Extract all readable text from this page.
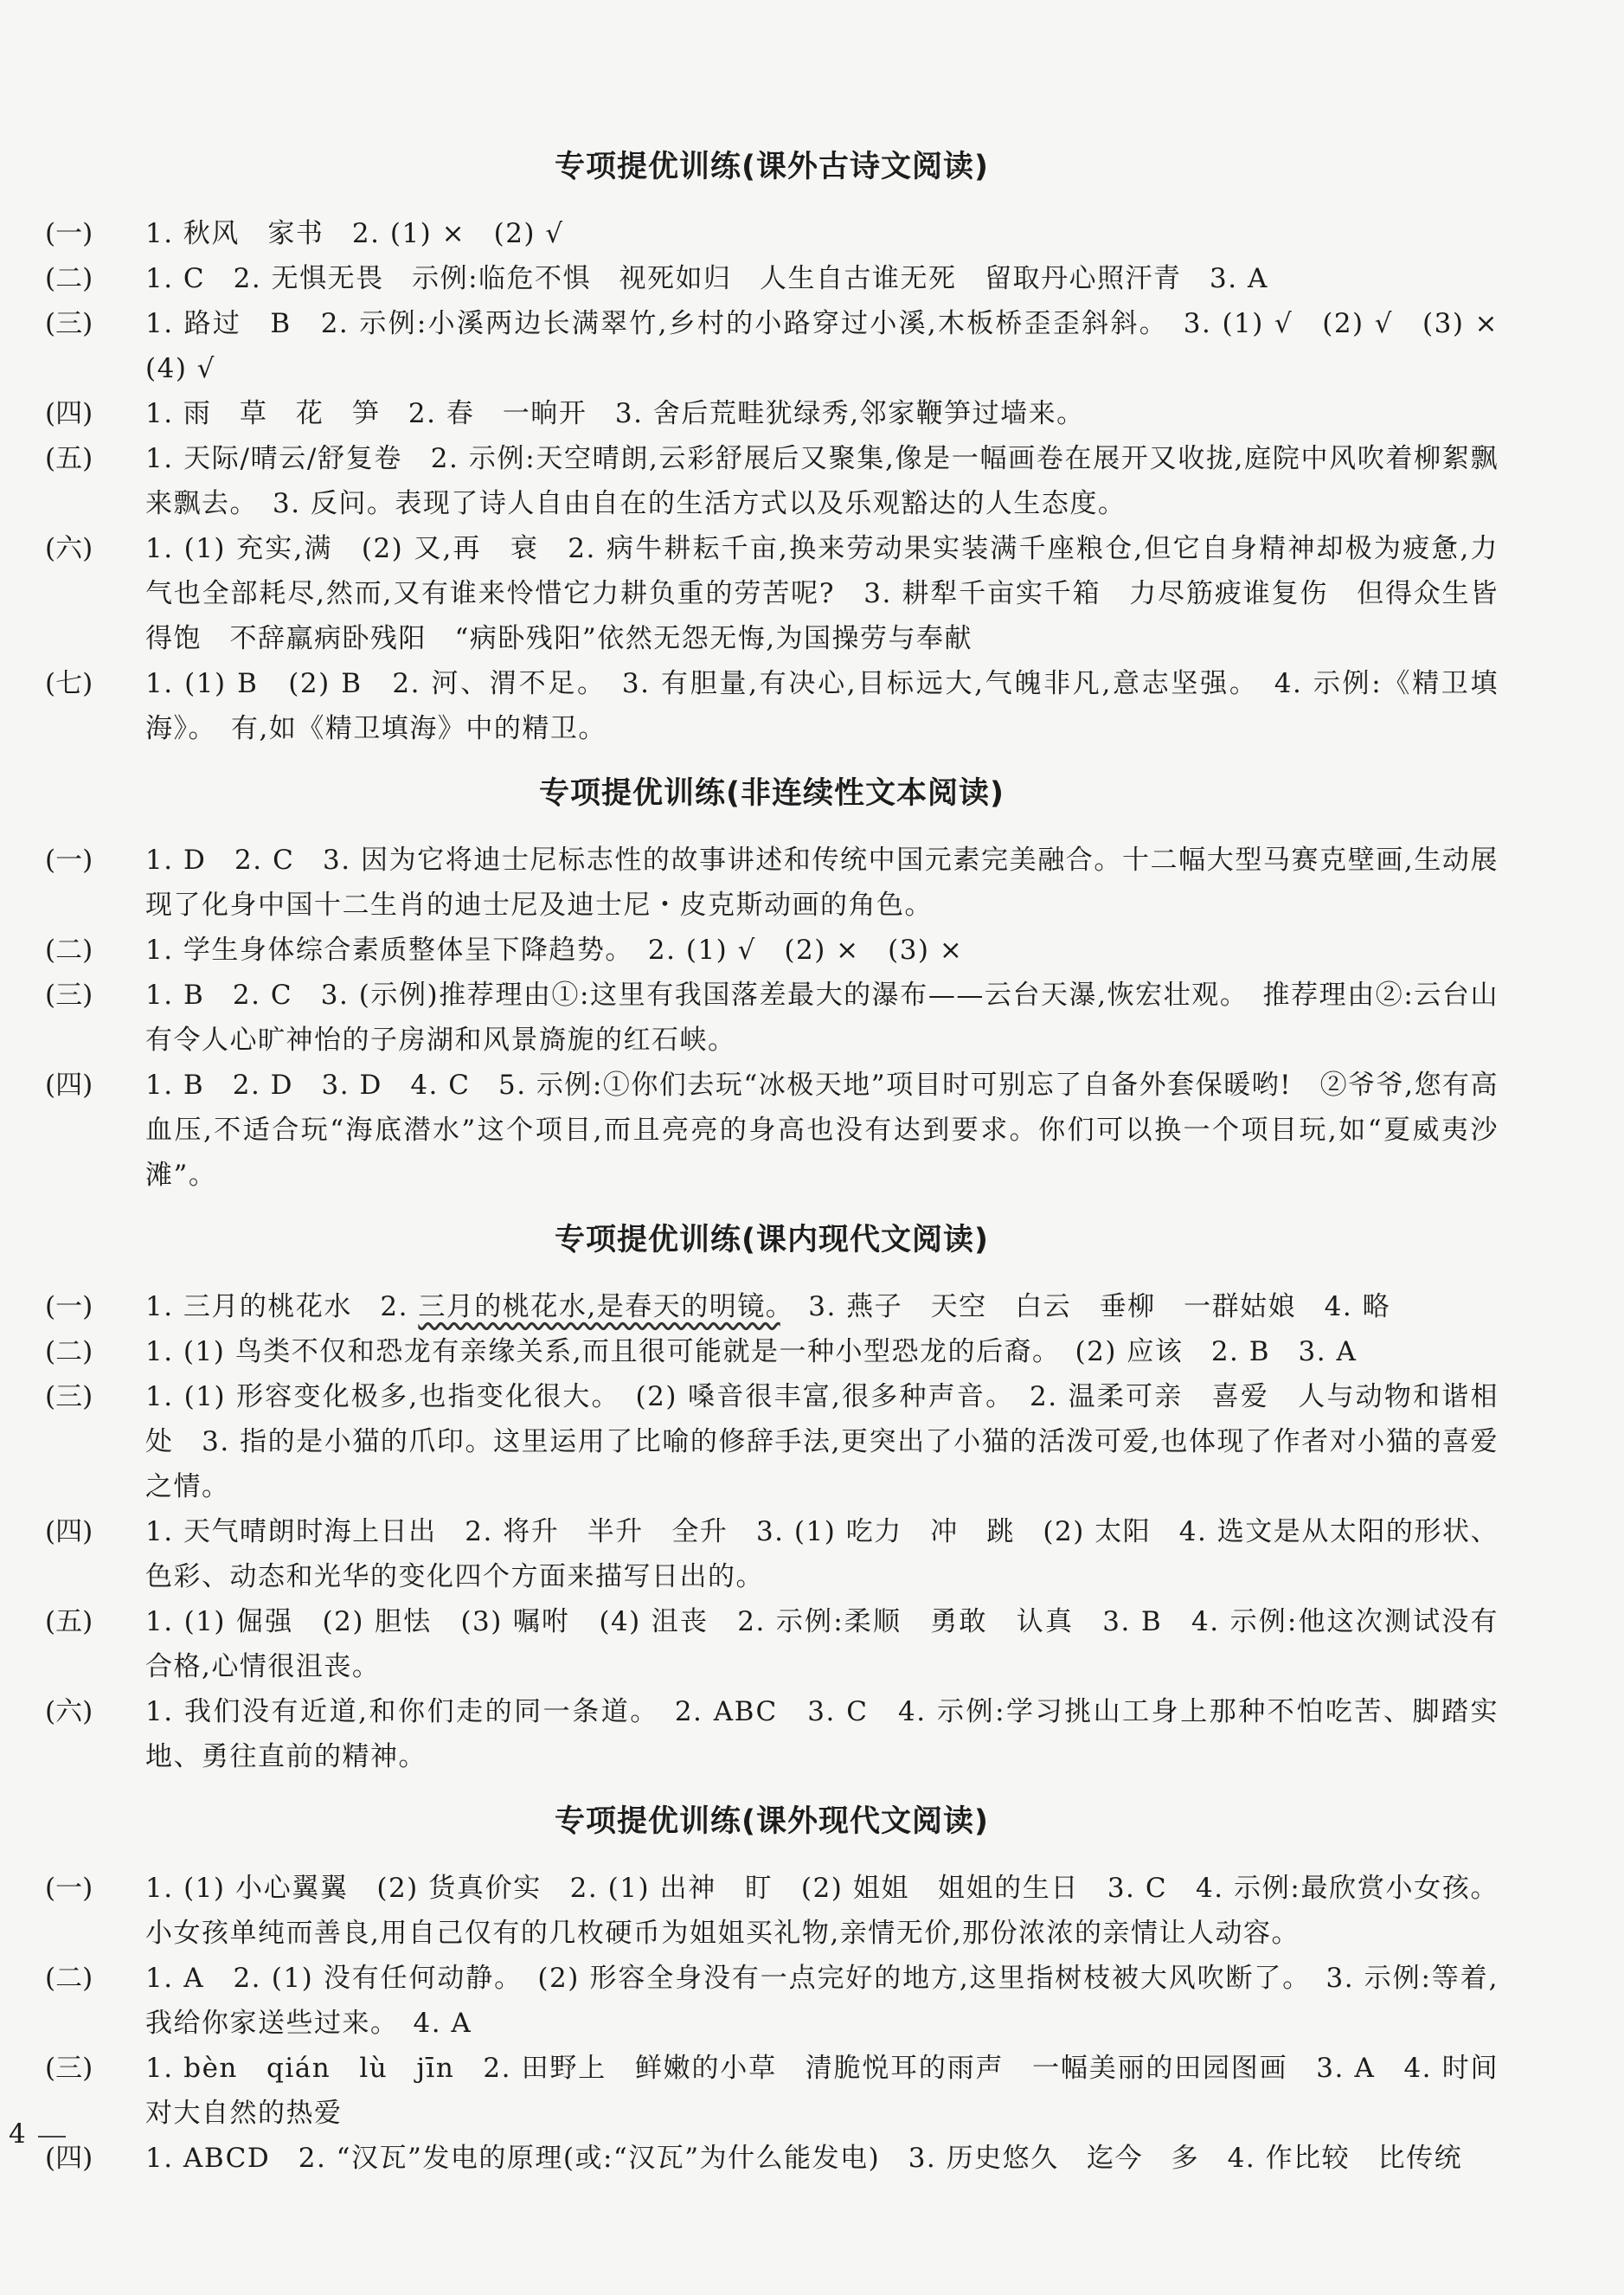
专项提优训练(课外古诗文阅读)
(一)	1. 秋风　家书　2. (1) ×　(2) √
(二)	1. C　2. 无惧无畏　示例:临危不惧　视死如归　人生自古谁无死　留取丹心照汗青　3. A
(三)	1. 路过　B　2. 示例:小溪两边长满翠竹,乡村的小路穿过小溪,木板桥歪歪斜斜。　3. (1) √　(2) √　(3) ×　(4) √
(四)	1. 雨　草　花　笋　2. 春　一晌开　3. 舍后荒畦犹绿秀,邻家鞭笋过墙来。
(五)	1. 天际/晴云/舒复卷　2. 示例:天空晴朗,云彩舒展后又聚集,像是一幅画卷在展开又收拢,庭院中风吹着柳絮飘来飘去。　3. 反问。表现了诗人自由自在的生活方式以及乐观豁达的人生态度。
(六)	1. (1) 充实,满　(2) 又,再　衰　2. 病牛耕耘千亩,换来劳动果实装满千座粮仓,但它自身精神却极为疲惫,力气也全部耗尽,然而,又有谁来怜惜它力耕负重的劳苦呢?　3. 耕犁千亩实千箱　力尽筋疲谁复伤　但得众生皆得饱　不辞羸病卧残阳　“病卧残阳”依然无怨无悔,为国操劳与奉献
(七)	1. (1) B　(2) B　2. 河、渭不足。　3. 有胆量,有决心,目标远大,气魄非凡,意志坚强。　4. 示例:《精卫填海》。　有,如《精卫填海》中的精卫。
专项提优训练(非连续性文本阅读)
(一)	1. D　2. C　3. 因为它将迪士尼标志性的故事讲述和传统中国元素完美融合。十二幅大型马赛克壁画,生动展现了化身中国十二生肖的迪士尼及迪士尼・皮克斯动画的角色。
(二)	1. 学生身体综合素质整体呈下降趋势。　2. (1) √　(2) ×　(3) ×
(三)	1. B　2. C　3. (示例)推荐理由①:这里有我国落差最大的瀑布——云台天瀑,恢宏壮观。　推荐理由②:云台山有令人心旷神怡的子房湖和风景旖旎的红石峡。
(四)	1. B　2. D　3. D　4. C　5. 示例:①你们去玩“冰极天地”项目时可别忘了自备外套保暖哟!　②爷爷,您有高血压,不适合玩“海底潜水”这个项目,而且亮亮的身高也没有达到要求。你们可以换一个项目玩,如“夏威夷沙滩”。
专项提优训练(课内现代文阅读)
(一)	1. 三月的桃花水　2. 三月的桃花水,是春天的明镜。　3. 燕子　天空　白云　垂柳　一群姑娘　4. 略
(二)	1. (1) 鸟类不仅和恐龙有亲缘关系,而且很可能就是一种小型恐龙的后裔。　(2) 应该　2. B　3. A
(三)	1. (1) 形容变化极多,也指变化很大。　(2) 嗓音很丰富,很多种声音。　2. 温柔可亲　喜爱　人与动物和谐相处　3. 指的是小猫的爪印。这里运用了比喻的修辞手法,更突出了小猫的活泼可爱,也体现了作者对小猫的喜爱之情。
(四)	1. 天气晴朗时海上日出　2. 将升　半升　全升　3. (1) 吃力　冲　跳　(2) 太阳　4. 选文是从太阳的形状、色彩、动态和光华的变化四个方面来描写日出的。
(五)	1. (1) 倔强　(2) 胆怯　(3) 嘱咐　(4) 沮丧　2. 示例:柔顺　勇敢　认真　3. B　4. 示例:他这次测试没有合格,心情很沮丧。
(六)	1. 我们没有近道,和你们走的同一条道。　2. ABC　3. C　4. 示例:学习挑山工身上那种不怕吃苦、脚踏实地、勇往直前的精神。
专项提优训练(课外现代文阅读)
(一)	1. (1) 小心翼翼　(2) 货真价实　2. (1) 出神　盯　(2) 姐姐　姐姐的生日　3. C　4. 示例:最欣赏小女孩。小女孩单纯而善良,用自己仅有的几枚硬币为姐姐买礼物,亲情无价,那份浓浓的亲情让人动容。
(二)	1. A　2. (1) 没有任何动静。　(2) 形容全身没有一点完好的地方,这里指树枝被大风吹断了。　3. 示例:等着,我给你家送些过来。　4. A
(三)	1. bèn　qián　lù　jīn　2. 田野上　鲜嫩的小草　清脆悦耳的雨声　一幅美丽的田园图画　3. A　4. 时间　对大自然的热爱
(四)	1. ABCD　2. “汉瓦”发电的原理(或:“汉瓦”为什么能发电)　3. 历史悠久　迄今　多　4. 作比较　比传统
4
